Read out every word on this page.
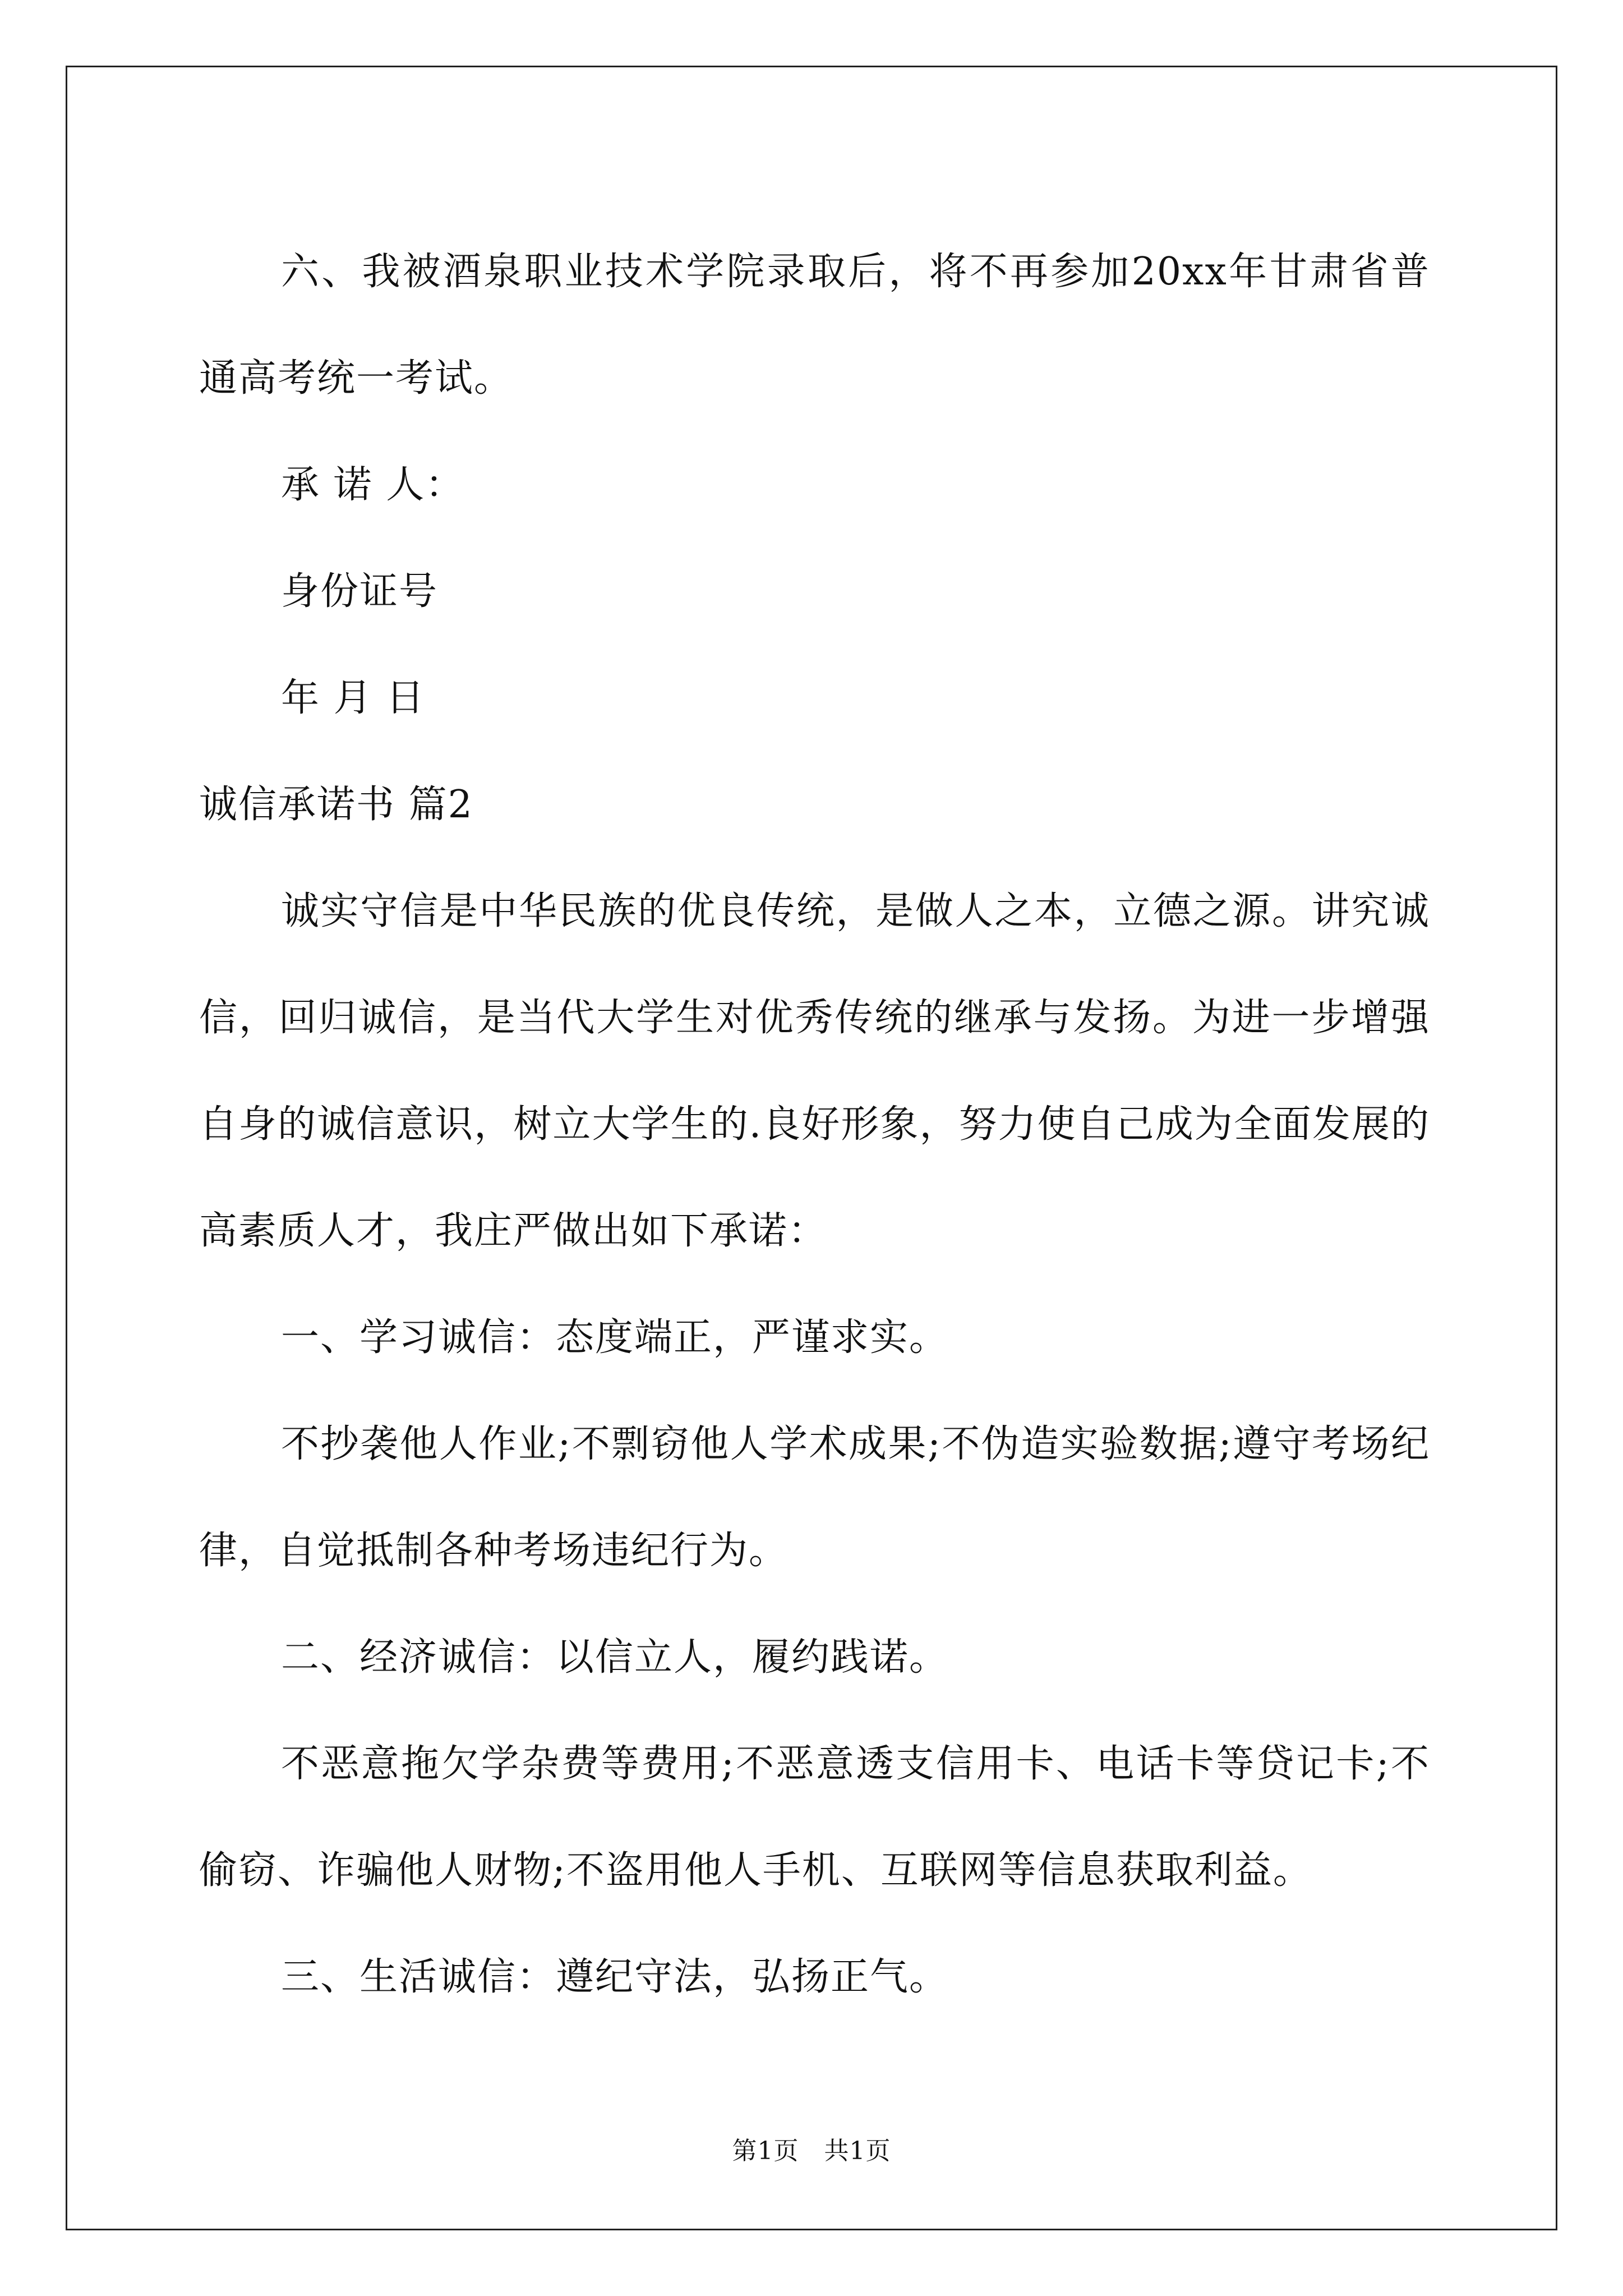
六、我被酒泉职业技术学院录取后，将不再参加20xx年甘肃省普通高考统一考试。

承 诺 人：

身份证号

年 月 日

诚信承诺书 篇2

诚实守信是中华民族的优良传统，是做人之本，立德之源。讲究诚信，回归诚信，是当代大学生对优秀传统的继承与发扬。为进一步增强自身的诚信意识，树立大学生的.良好形象，努力使自己成为全面发展的高素质人才，我庄严做出如下承诺：

一、学习诚信：态度端正，严谨求实。

不抄袭他人作业;不剽窃他人学术成果;不伪造实验数据;遵守考场纪律，自觉抵制各种考场违纪行为。

二、经济诚信：以信立人，履约践诺。

不恶意拖欠学杂费等费用;不恶意透支信用卡、电话卡等贷记卡;不偷窃、诈骗他人财物;不盗用他人手机、互联网等信息获取利益。

三、生活诚信：遵纪守法，弘扬正气。

第1页　共1页
